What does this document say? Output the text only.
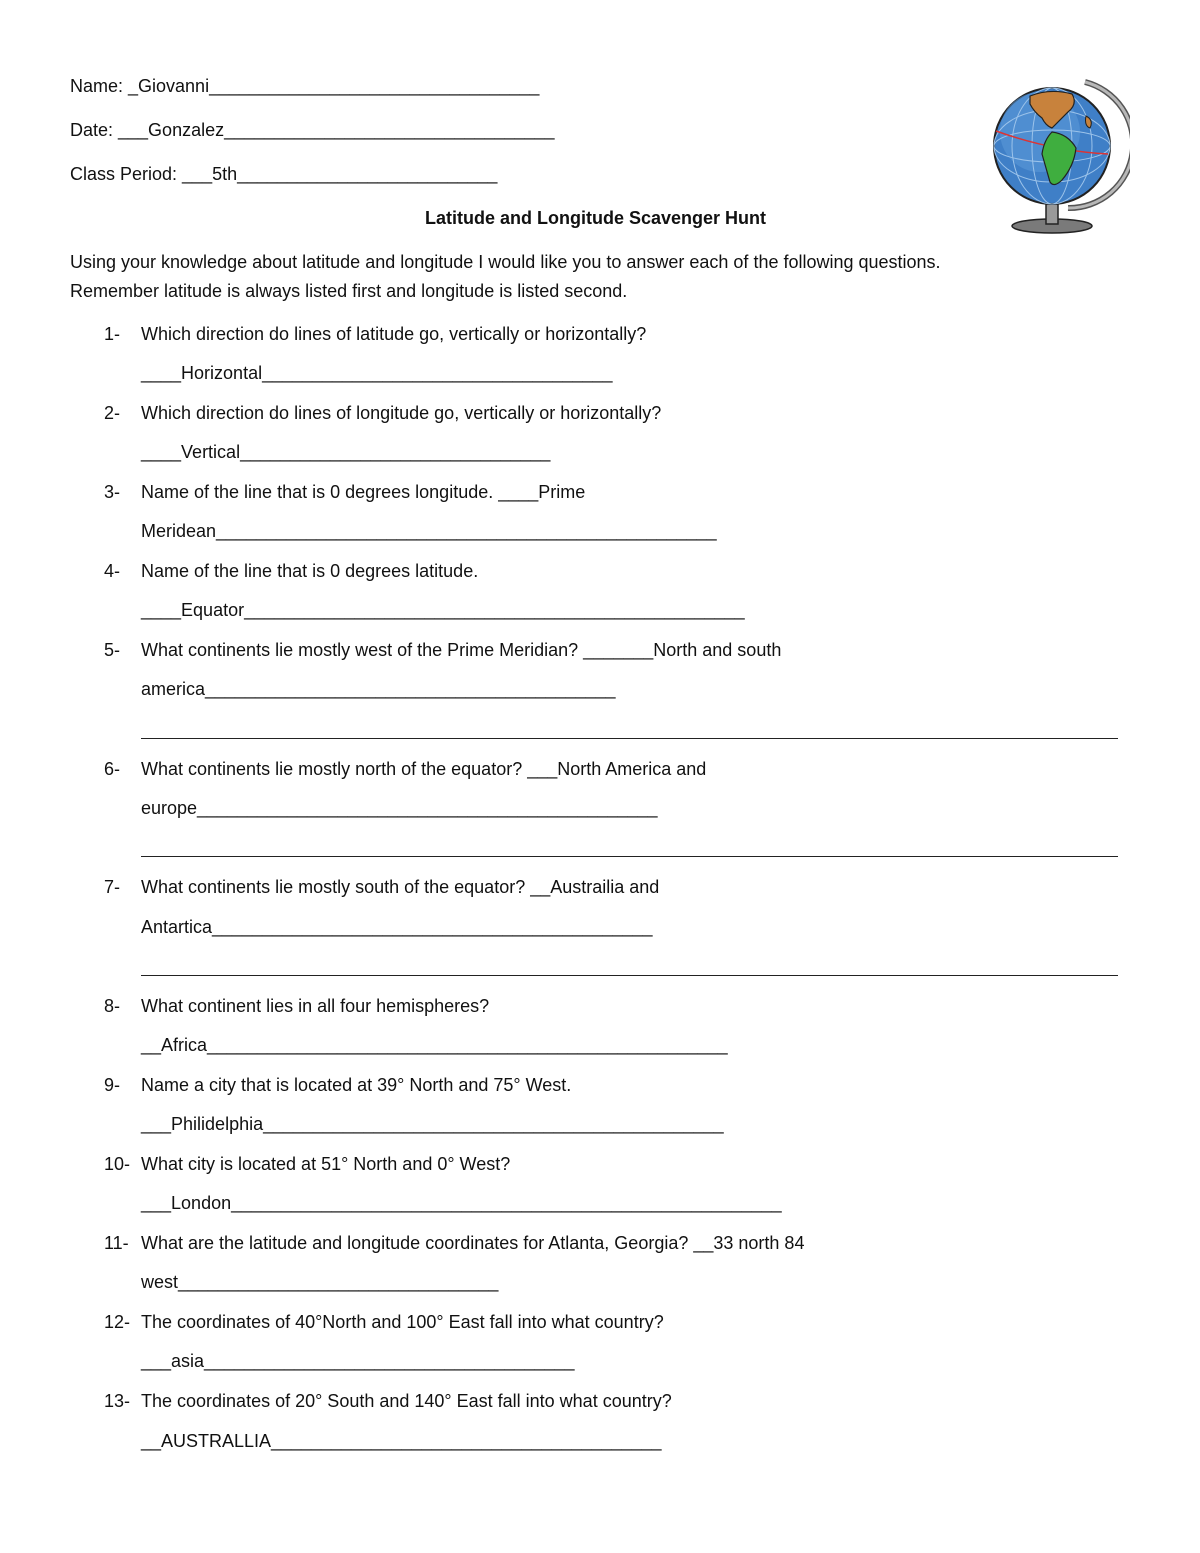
Name: _Giovanni_________________________________
Date: ___Gonzalez_________________________________
Class Period: ___5th__________________________
Latitude and Longitude Scavenger Hunt
Using your knowledge about latitude and longitude I would like you to answer each of the following questions.
Remember latitude is always listed first and longitude is listed second.
1- Which direction do lines of latitude go, vertically or horizontally?
____Horizontal___________________________________
2- Which direction do lines of longitude go, vertically or horizontally?
____Vertical_______________________________
3- Name of the line that is 0 degrees longitude. ____Prime
Meridean__________________________________________________
4- Name of the line that is 0 degrees latitude.
____Equator__________________________________________________
5- What continents lie mostly west of the Prime Meridian? _______North and south
america_________________________________________
6- What continents lie mostly north of the equator? ___North America and
europe______________________________________________
7- What continents lie mostly south of the equator? __Austrailia and
Antartica____________________________________________
8- What continent lies in all four hemispheres?
__Africa____________________________________________________
9- Name a city that is located at 39° North and 75° West.
___Philidelphia______________________________________________
10- What city is located at 51° North and 0° West?
___London_______________________________________________________
11- What are the latitude and longitude coordinates for Atlanta, Georgia? __33 north 84
west________________________________
12- The coordinates of 40°North and 100° East fall into what country?
___asia_____________________________________
13- The coordinates of 20° South and 140° East fall into what country?
__AUSTRALLIA_______________________________________
